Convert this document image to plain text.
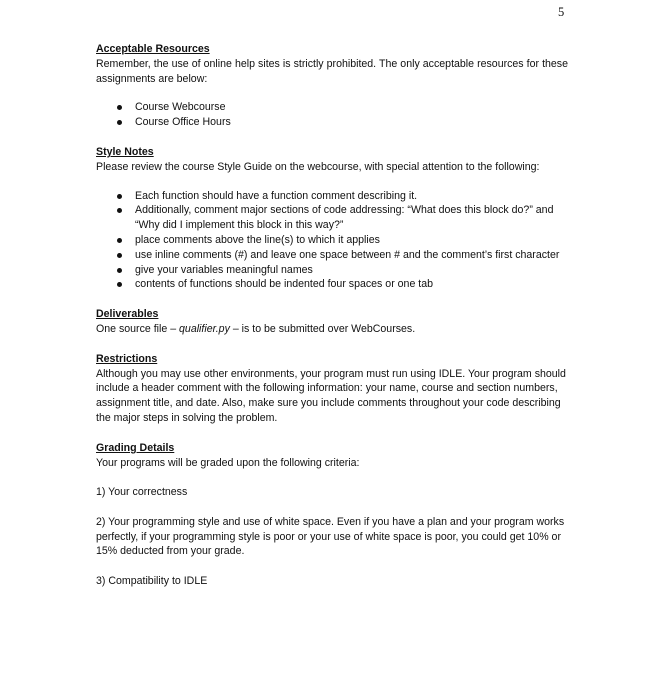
5

Acceptable Resources

Remember, the use of online help sites is strictly prohibited. The only acceptable resources for these assignments are below:

Course Webcourse
Course Office Hours

Style Notes

Please review the course Style Guide on the webcourse, with special attention to the following:

Each function should have a function comment describing it.
Additionally, comment major sections of code addressing: “What does this block do?” and “Why did I implement this block in this way?”
place comments above the line(s) to which it applies
use inline comments (#) and leave one space between # and the comment’s first character
give your variables meaningful names
contents of functions should be indented four spaces or one tab

Deliverables

One source file – qualifier.py – is to be submitted over WebCourses.

Restrictions

Although you may use other environments, your program must run using IDLE. Your program should include a header comment with the following information: your name, course and section numbers, assignment title, and date. Also, make sure you include comments throughout your code describing the major steps in solving the problem.

Grading Details

Your programs will be graded upon the following criteria:

1) Your correctness

2) Your programming style and use of white space. Even if you have a plan and your program works perfectly, if your programming style is poor or your use of white space is poor, you could get 10% or 15% deducted from your grade.

3) Compatibility to IDLE
